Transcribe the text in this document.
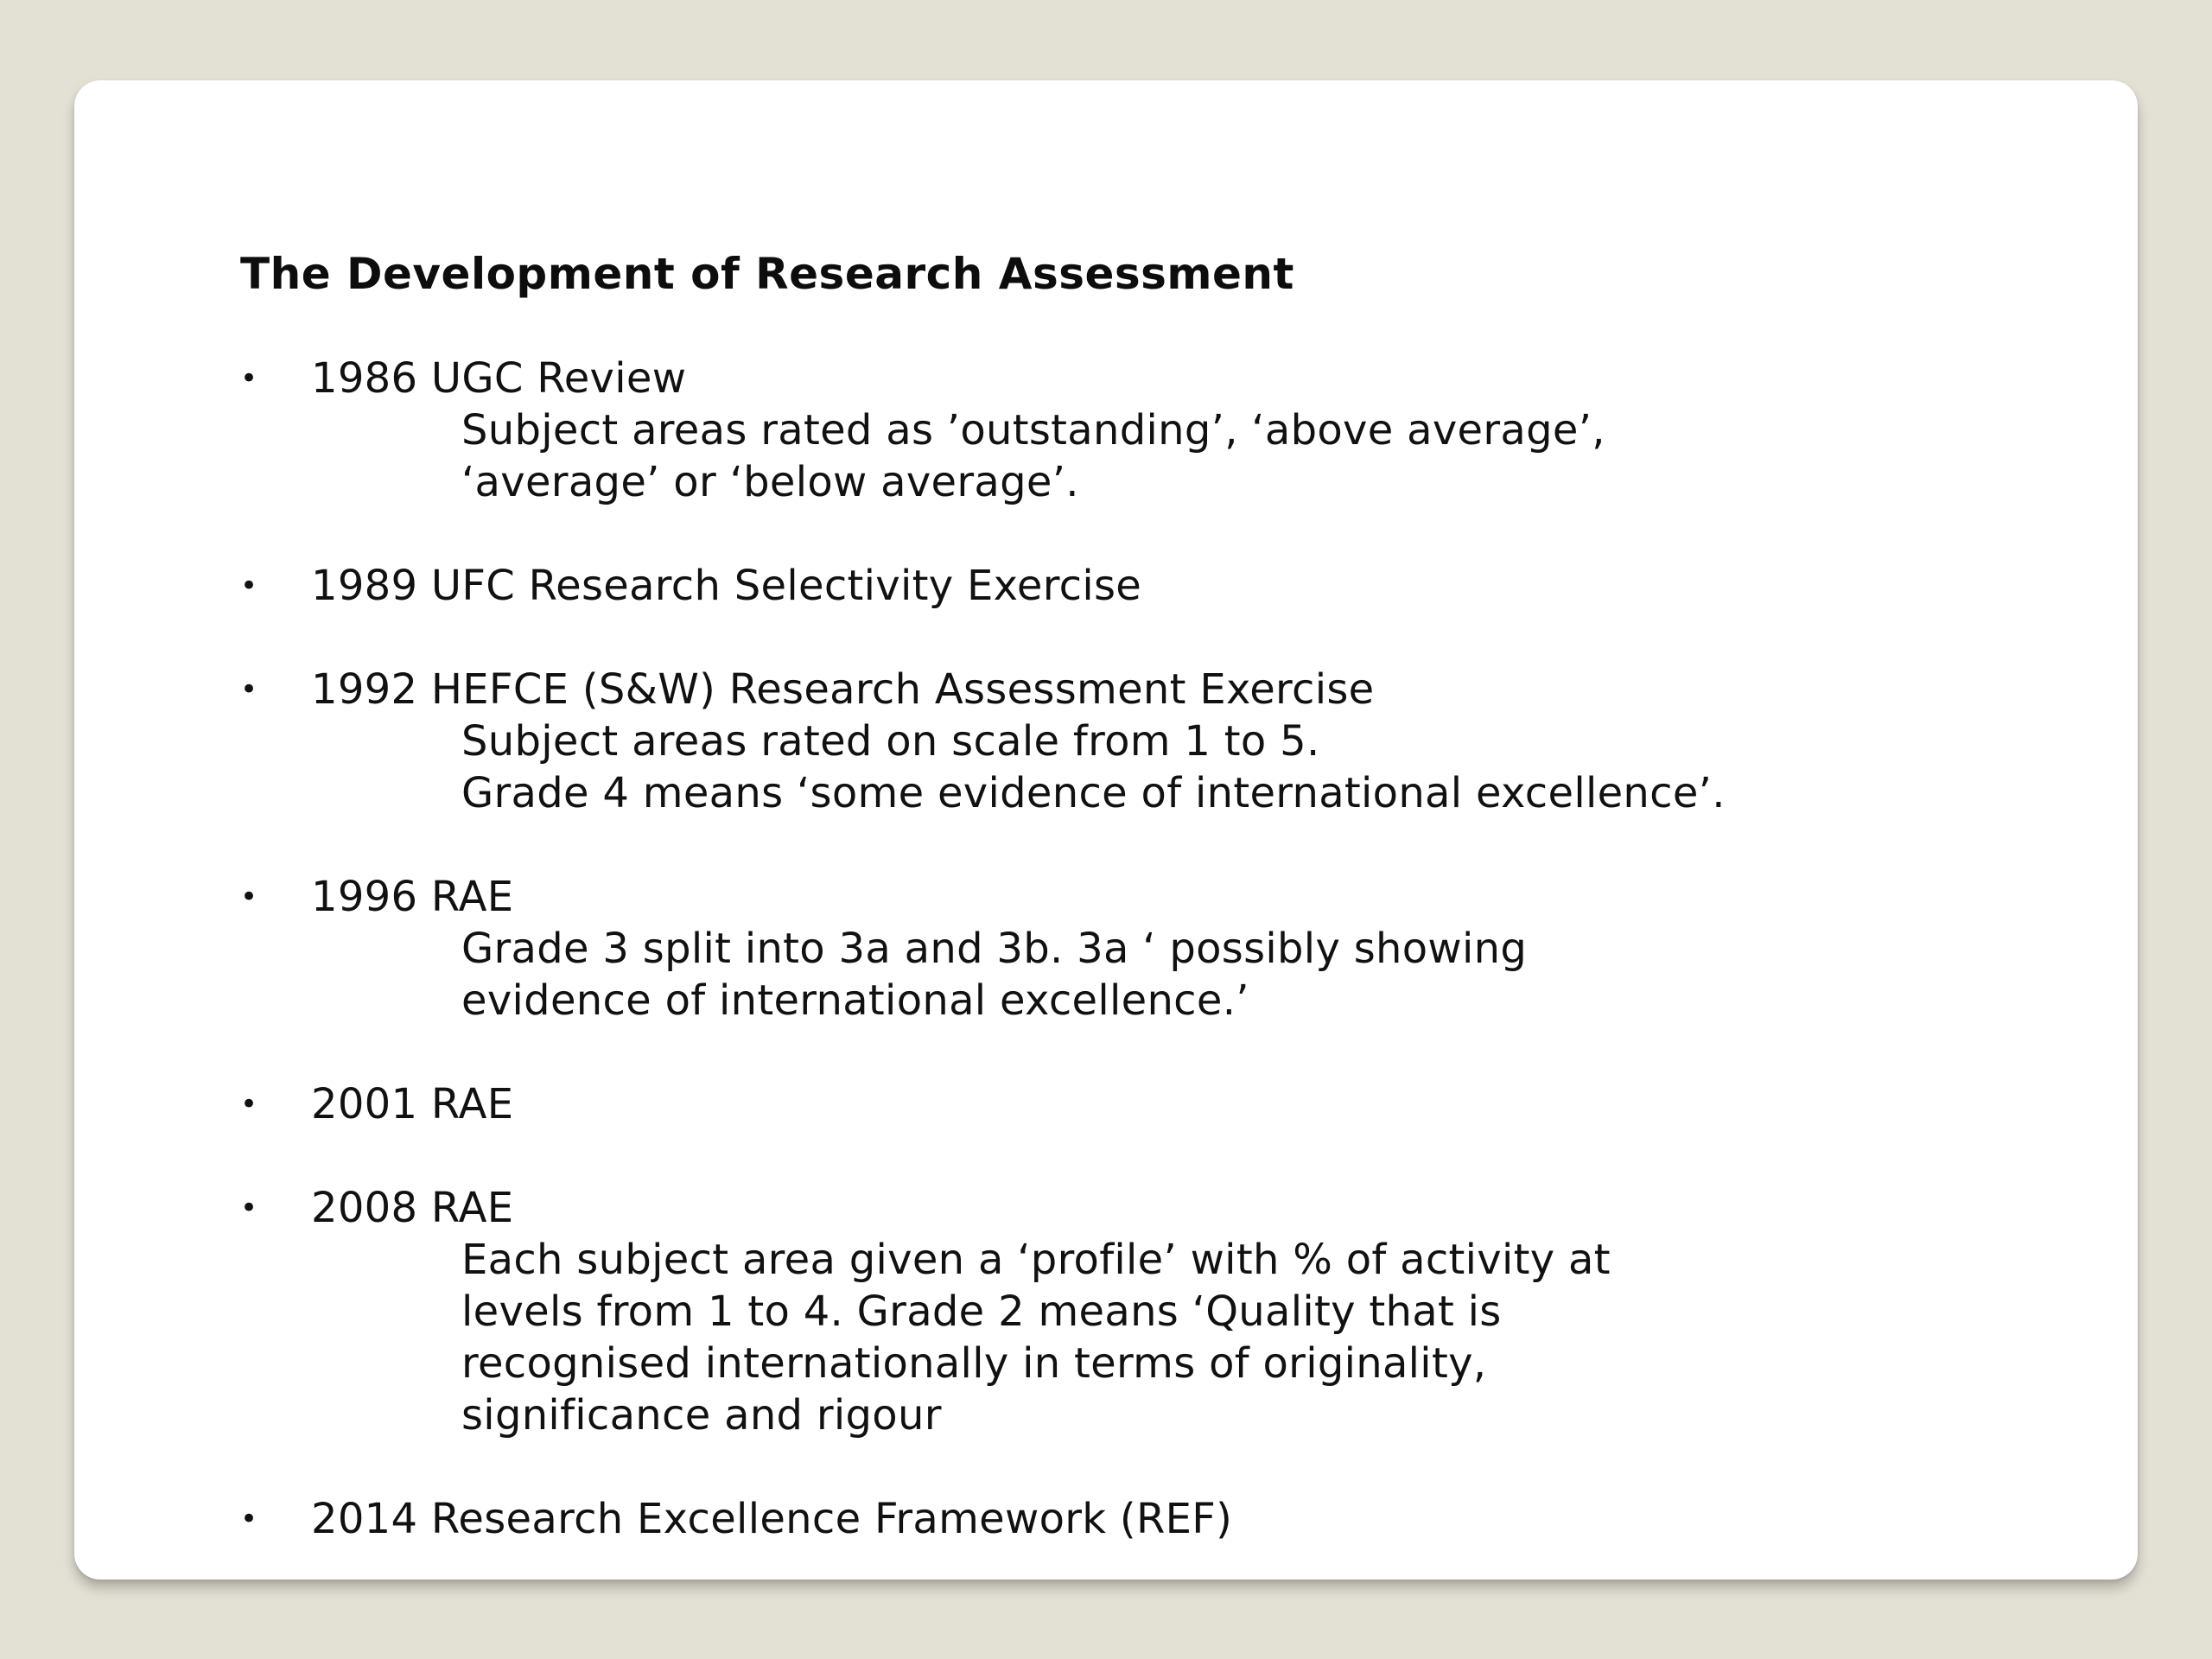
The Development of Research Assessment
• 1986 UGC Review
Subject areas rated as ’outstanding’, ‘above average’,
‘average’ or ‘below average’.
• 1989 UFC Research Selectivity Exercise
• 1992 HEFCE (S&W) Research Assessment Exercise
Subject areas rated on scale from 1 to 5.
Grade 4 means ‘some evidence of international excellence’.
• 1996 RAE
Grade 3 split into 3a and 3b. 3a ‘ possibly showing
evidence of international excellence.’
• 2001 RAE
• 2008 RAE
Each subject area given a ‘profile’ with % of activity at
levels from 1 to 4. Grade 2 means ‘Quality that is
recognised internationally in terms of originality,
significance and rigour
• 2014 Research Excellence Framework (REF)
